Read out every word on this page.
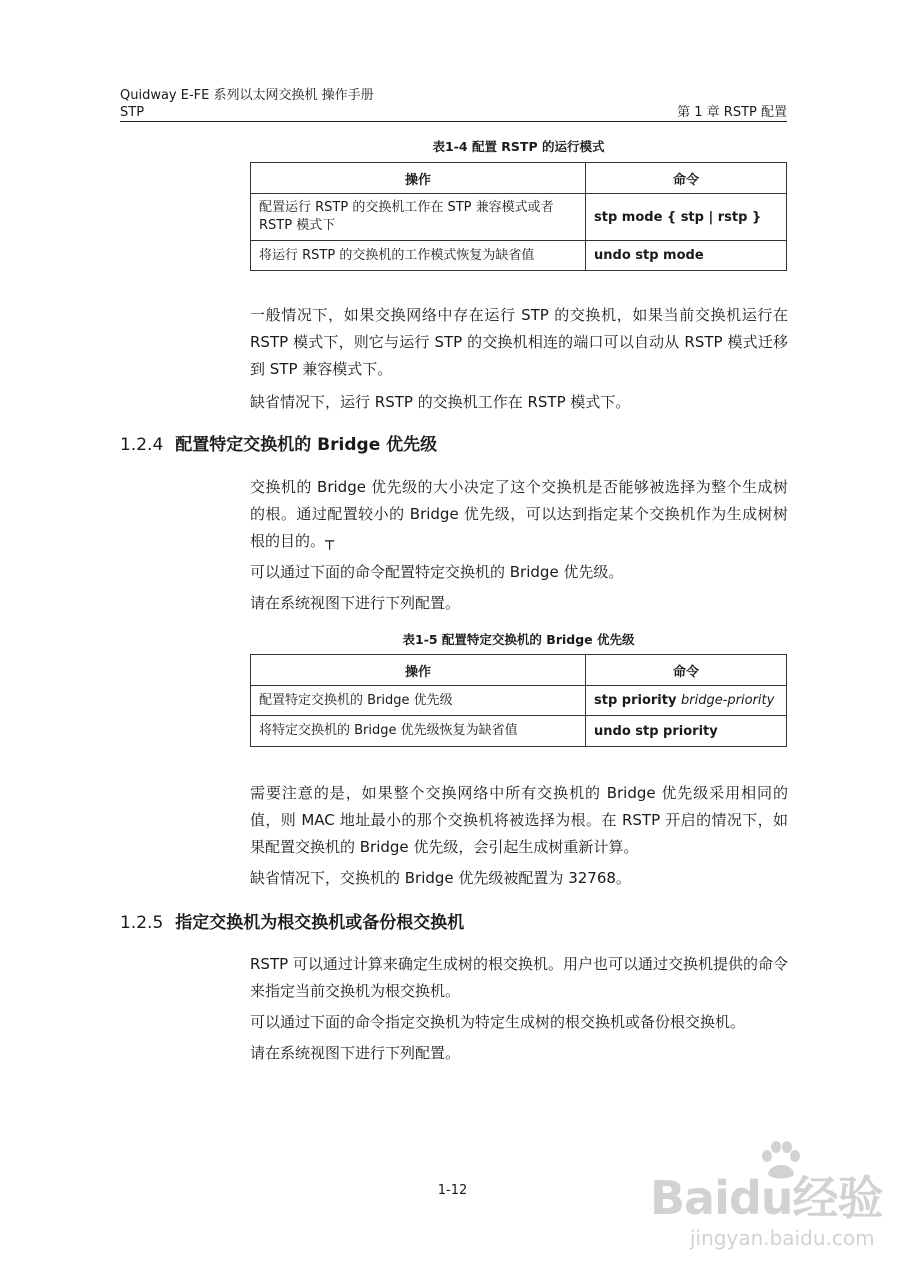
Quidway E-FE 系列以太网交换机 操作手册
STP	第 1 章 RSTP 配置
表1-4 配置 RSTP 的运行模式
操作	命令
配置运行 RSTP 的交换机工作在 STP 兼容模式或者 RSTP 模式下	stp mode { stp | rstp }
将运行 RSTP 的交换机的工作模式恢复为缺省值	undo stp mode

一般情况下，如果交换网络中存在运行 STP 的交换机，如果当前交换机运行在 RSTP 模式下，则它与运行 STP 的交换机相连的端口可以自动从 RSTP 模式迁移到 STP 兼容模式下。

缺省情况下，运行 RSTP 的交换机工作在 RSTP 模式下。

1.2.4 配置特定交换机的 Bridge 优先级

交换机的 Bridge 优先级的大小决定了这个交换机是否能够被选择为整个生成树的根。通过配置较小的 Bridge 优先级，可以达到指定某个交换机作为生成树树根的目的。┬

可以通过下面的命令配置特定交换机的 Bridge 优先级。

请在系统视图下进行下列配置。

表1-5 配置特定交换机的 Bridge 优先级
操作	命令
配置特定交换机的 Bridge 优先级	stp priority bridge-priority
将特定交换机的 Bridge 优先级恢复为缺省值	undo stp priority

需要注意的是，如果整个交换网络中所有交换机的 Bridge 优先级采用相同的值，则 MAC 地址最小的那个交换机将被选择为根。在 RSTP 开启的情况下，如果配置交换机的 Bridge 优先级，会引起生成树重新计算。

缺省情况下，交换机的 Bridge 优先级被配置为 32768。

1.2.5 指定交换机为根交换机或备份根交换机

RSTP 可以通过计算来确定生成树的根交换机。用户也可以通过交换机提供的命令来指定当前交换机为根交换机。

可以通过下面的命令指定交换机为特定生成树的根交换机或备份根交换机。

请在系统视图下进行下列配置。

1-12	Baidu经验
jingyan.baidu.com
